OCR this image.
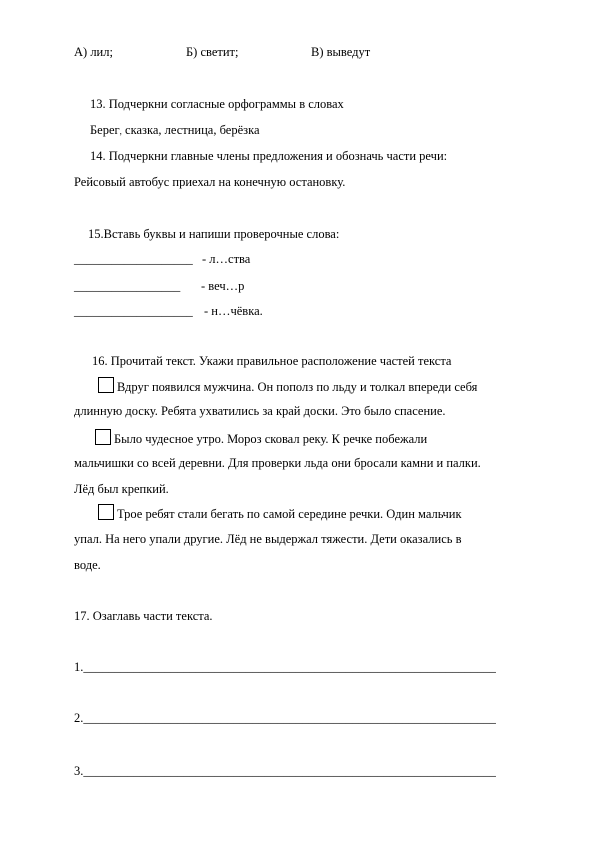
А) лил;	Б) светит;	В) выведут
13. Подчеркни согласные орфограммы в словах
Берег, сказка, лестница, берёзка
14. Подчеркни главные члены предложения и обозначь части речи:
Рейсовый автобус приехал на конечную остановку.
15.Вставь буквы и напиши проверочные слова:
___________________ - л…ства
_________________ - веч…р
___________________ - н…чёвка.
16. Прочитай текст. Укажи правильное расположение частей текста
Вдруг появился мужчина. Он пополз по льду и толкал впереди себя
длинную доску. Ребята ухватились за край доски. Это было спасение.
Было чудесное утро. Мороз сковал реку. К речке побежали
мальчишки со всей деревни. Для проверки льда они бросали камни и палки.
Лёд был крепкий.
Трое ребят стали бегать по самой середине речки. Один мальчик
упал. На него упали другие. Лёд не выдержал тяжести. Дети оказались в
воде.
17. Озаглавь части текста.
1.__________________________________________________________________
2.__________________________________________________________________
3.__________________________________________________________________
